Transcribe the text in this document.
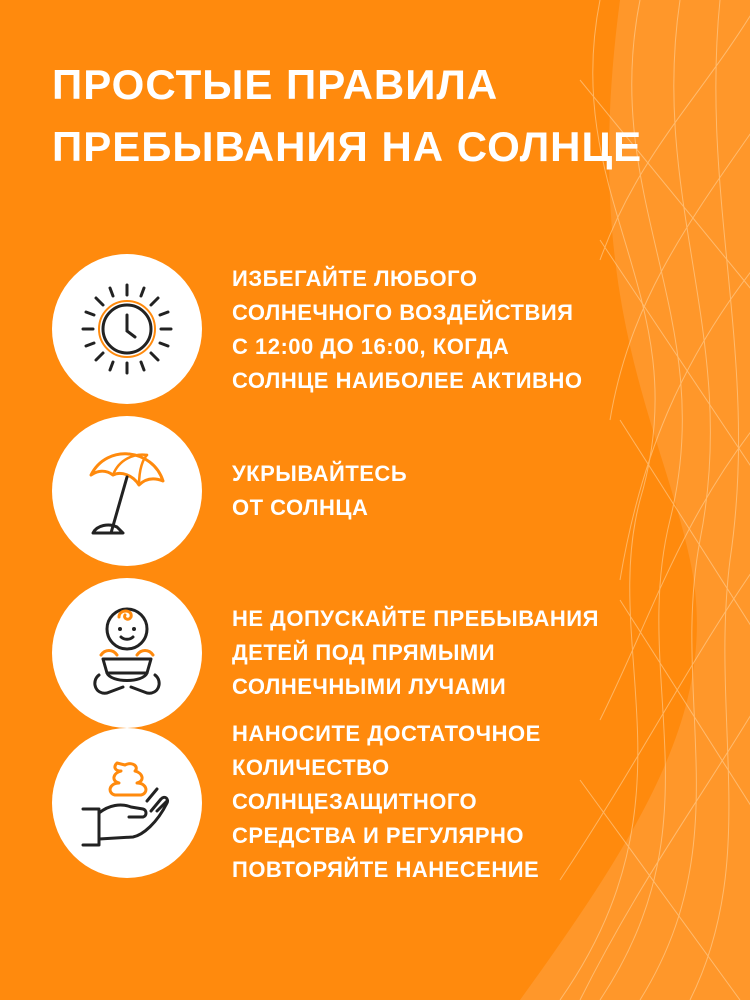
ПРОСТЫЕ ПРАВИЛА
ПРЕБЫВАНИЯ НА СОЛНЦЕ

ИЗБЕГАЙТЕ ЛЮБОГО
СОЛНЕЧНОГО ВОЗДЕЙСТВИЯ
С 12:00 ДО 16:00, КОГДА
СОЛНЦЕ НАИБОЛЕЕ АКТИВНО

УКРЫВАЙТЕСЬ
ОТ СОЛНЦА

НЕ ДОПУСКАЙТЕ ПРЕБЫВАНИЯ
ДЕТЕЙ ПОД ПРЯМЫМИ
СОЛНЕЧНЫМИ ЛУЧАМИ

НАНОСИТЕ ДОСТАТОЧНОЕ
КОЛИЧЕСТВО
СОЛНЦЕЗАЩИТНОГО
СРЕДСТВА И РЕГУЛЯРНО
ПОВТОРЯЙТЕ НАНЕСЕНИЕ
